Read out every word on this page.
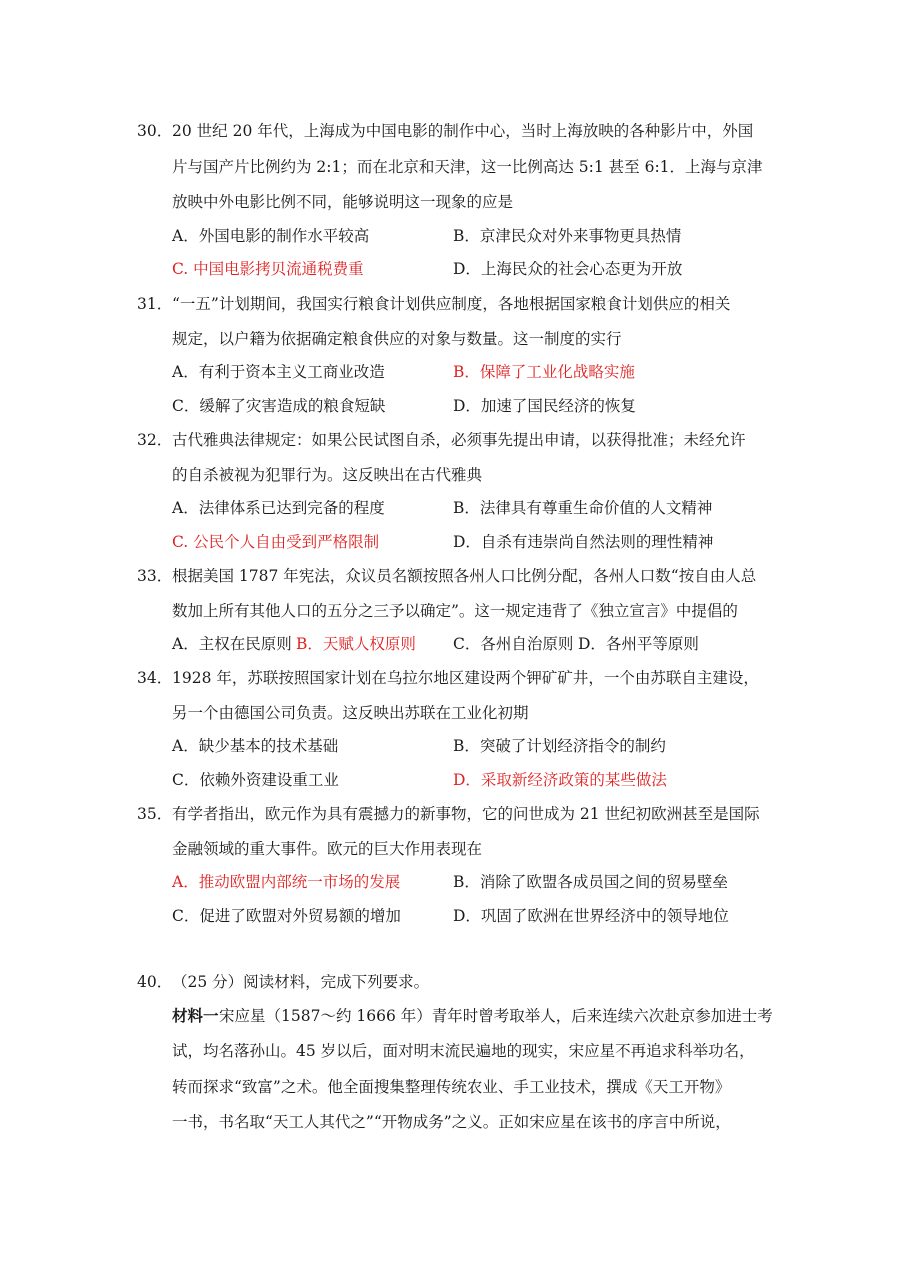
30． 20 世纪 20 年代，上海成为中国电影的制作中心，当时上海放映的各种影片中，外国
片与国产片比例约为 2:1；而在北京和天津，这一比例高达 5:1 甚至 6:1．上海与京津
放映中外电影比例不同，能够说明这一现象的应是
A．外国电影的制作水平较高	B．京津民众对外来事物更具热情
C. 中国电影拷贝流通税费重	D．上海民众的社会心态更为开放
31． “一五”计划期间，我国实行粮食计划供应制度，各地根据国家粮食计划供应的相关
规定，以户籍为依据确定粮食供应的对象与数量。这一制度的实行
A．有利于资本主义工商业改造	B．保障了工业化战略实施
C．缓解了灾害造成的粮食短缺	D．加速了国民经济的恢复
32． 古代雅典法律规定：如果公民试图自杀，必须事先提出申请，以获得批准；未经允许
的自杀被视为犯罪行为。这反映出在古代雅典
A．法律体系已达到完备的程度	B．法律具有尊重生命价值的人文精神
C. 公民个人自由受到严格限制	D．自杀有违崇尚自然法则的理性精神
33． 根据美国 1787 年宪法，众议员名额按照各州人口比例分配，各州人口数“按自由人总
数加上所有其他人口的五分之三予以确定”。这一规定违背了《独立宣言》中提倡的
A．主权在民原则 B．天赋人权原则 C．各州自治原则 D．各州平等原则
34． 1928 年，苏联按照国家计划在乌拉尔地区建设两个钾矿矿井，一个由苏联自主建设，
另一个由德国公司负责。这反映出苏联在工业化初期
A．缺少基本的技术基础	B．突破了计划经济指令的制约
C．依赖外资建设重工业	D．采取新经济政策的某些做法
35． 有学者指出，欧元作为具有震撼力的新事物，它的问世成为 21 世纪初欧洲甚至是国际
金融领域的重大事件。欧元的巨大作用表现在
A．推动欧盟内部统一市场的发展	B．消除了欧盟各成员国之间的贸易壁垒
C．促进了欧盟对外贸易额的增加	D．巩固了欧洲在世界经济中的领导地位
40． （25 分）阅读材料，完成下列要求。
材料一 宋应星（1587～约 1666 年）青年时曾考取举人，后来连续六次赴京参加进士考
试，均名落孙山。45 岁以后，面对明末流民遍地的现实，宋应星不再追求科举功名，
转而探求“致富”之术。他全面搜集整理传统农业、手工业技术，撰成《天工开物》
一书，书名取“天工人其代之”“开物成务”之义。正如宋应星在该书的序言中所说，
